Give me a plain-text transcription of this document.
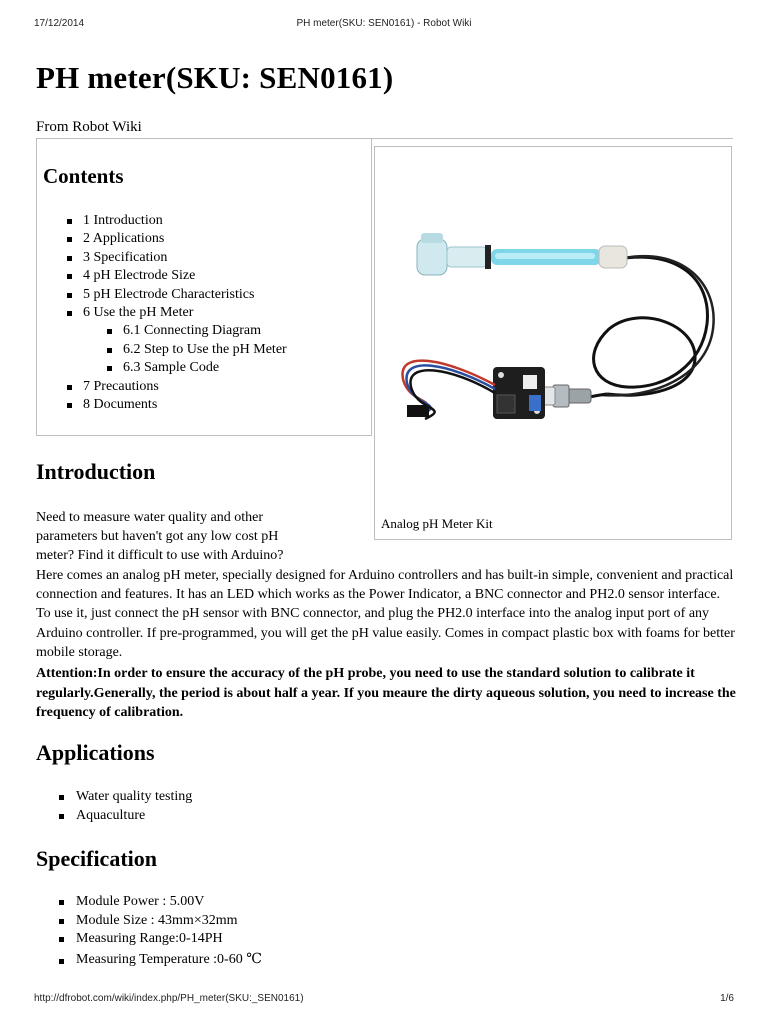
17/12/2014	PH meter(SKU: SEN0161) - Robot Wiki
PH meter(SKU: SEN0161)
From Robot Wiki
Contents
1 Introduction
2 Applications
3 Specification
4 pH Electrode Size
5 pH Electrode Characteristics
6 Use the pH Meter
6.1 Connecting Diagram
6.2 Step to Use the pH Meter
6.3 Sample Code
7 Precautions
8 Documents
Analog pH Meter Kit
Introduction
Need to measure water quality and other
parameters but haven't got any low cost pH
meter? Find it difficult to use with Arduino?
Here comes an analog pH meter, specially designed for Arduino controllers and has built-in simple, convenient and practical connection and features. It has an LED which works as the Power Indicator, a BNC connector and PH2.0 sensor interface. To use it, just connect the pH sensor with BNC connector, and plug the PH2.0 interface into the analog input port of any Arduino controller. If pre-programmed, you will get the pH value easily. Comes in compact plastic box with foams for better mobile storage.
Attention:In order to ensure the accuracy of the pH probe, you need to use the standard solution to calibrate it regularly.Generally, the period is about half a year. If you meaure the dirty aqueous solution, you need to increase the frequency of calibration.
Applications
Water quality testing
Aquaculture
Specification
Module Power : 5.00V
Module Size : 43mm×32mm
Measuring Range:0-14PH
Measuring Temperature :0-60 ℃
http://dfrobot.com/wiki/index.php/PH_meter(SKU:_SEN0161)	1/6
